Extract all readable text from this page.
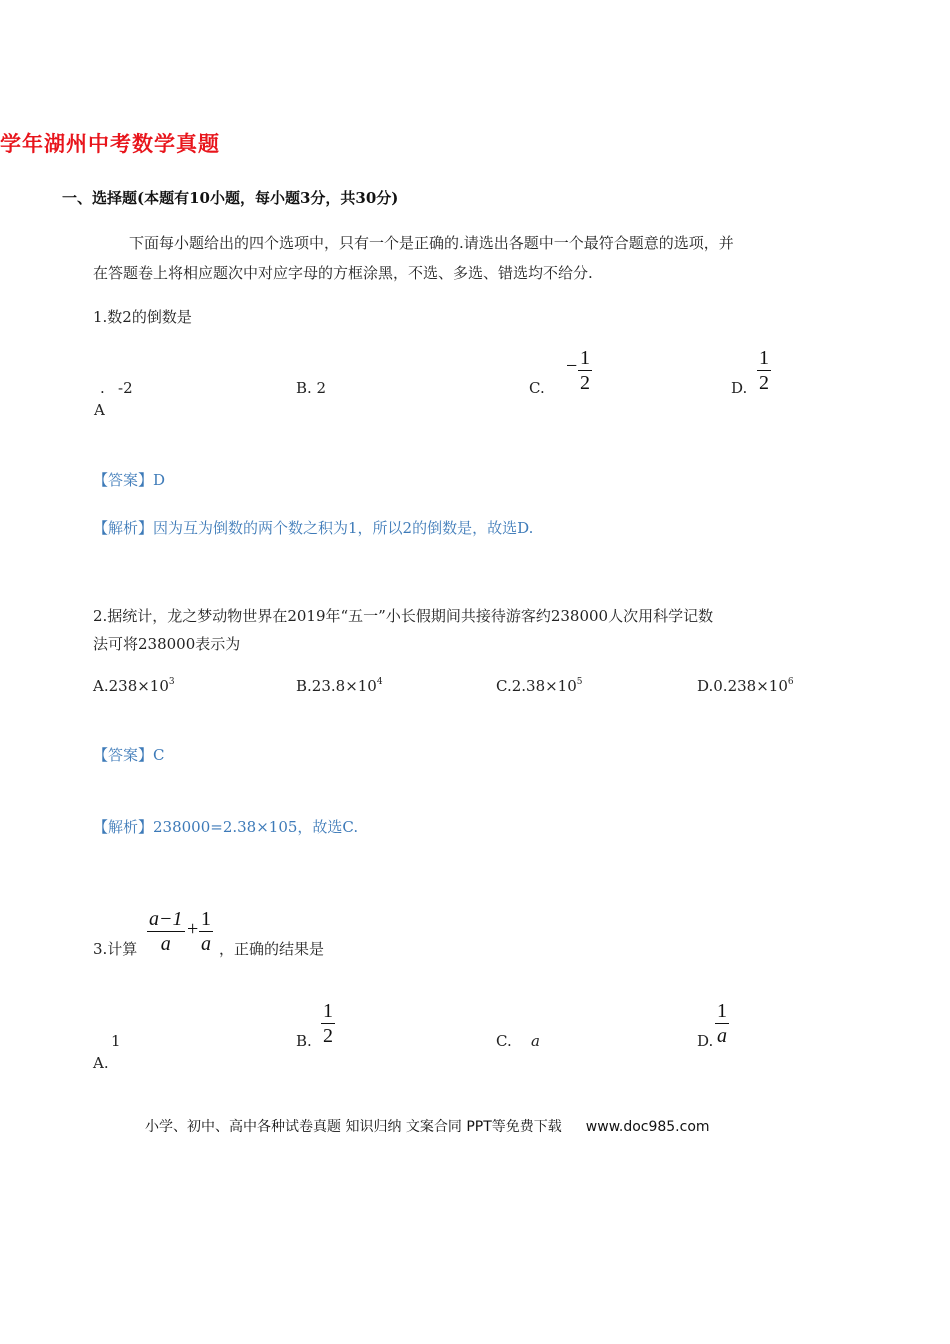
学年湖州中考数学真题
一、选择题(本题有10小题，每小题3分，共30分)
下面每小题给出的四个选项中，只有一个是正确的.请选出各题中一个最符合题意的选项，并
在答题卷上将相应题次中对应字母的方框涂黑，不选、多选、错选均不给分.
1.数2的倒数是
. -2
A
B. 2	C.
− 1
2	D.
1
2
【答案】D
【解析】因为互为倒数的两个数之积为1，所以2的倒数是，故选D.
2.据统计，龙之梦动物世界在2019年“五一”小长假期间共接待游客约238000人次用科学记数
法可将238000表示为
$A.238\times 10^3$	$B.23.8\times 10^4$	$C.2.38\times 10^5$	$D.0.238\times 10^6$
【答案】C
【解析】238000=2.38×105，故选C.
3.计算
a−1
a
+ 1
a ，正确的结果是
1
A.
B.
1
2	C. a	D.
1
a
小学、初中、高中各种试卷真题 知识归纳 文案合同 PPT等免费下载 www.doc985.com
